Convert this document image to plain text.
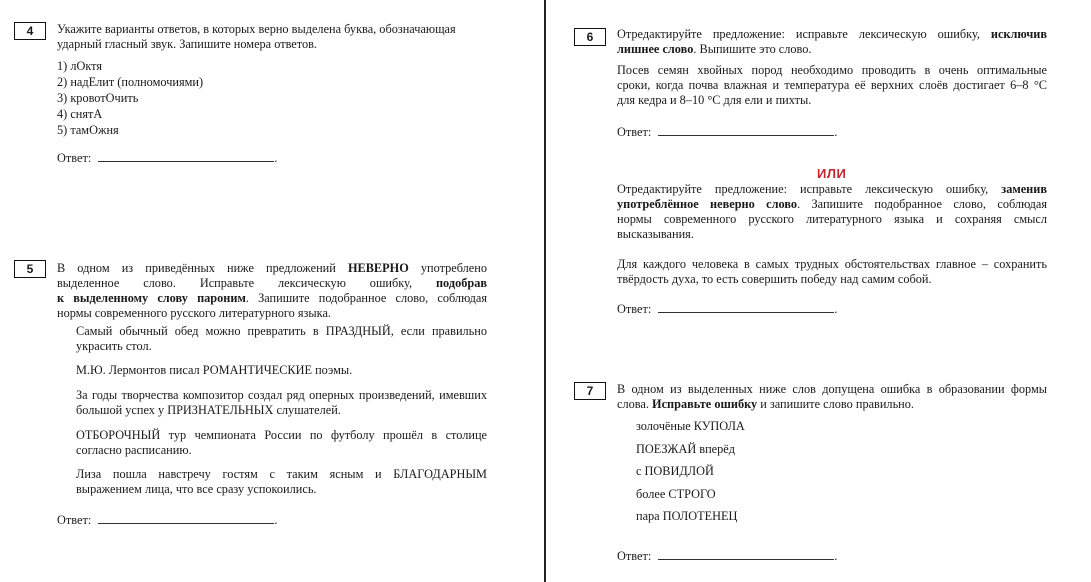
4	Укажите варианты ответов, в которых верно выделена буква, обозначающая
ударный гласный звук. Запишите номера ответов.
1) лОктя
2) надЕлит (полномочиями)
3) кровотОчить
4) снятА
5) тамОжня
Ответ:	.
5	В одном из приведённых ниже предложений НЕВЕРНО употреблено
выделенное слово. Исправьте лексическую ошибку, подобрав
к выделенному слову пароним. Запишите подобранное слово, соблюдая
нормы современного русского литературного языка.
Самый обычный обед можно превратить в ПРАЗДНЫЙ, если правильно
украсить стол.
М.Ю. Лермонтов писал РОМАНТИЧЕСКИЕ поэмы.
За годы творчества композитор создал ряд оперных произведений, имевших
большой успех у ПРИЗНАТЕЛЬНЫХ слушателей.
ОТБОРОЧНЫЙ тур чемпионата России по футболу прошёл в столице
согласно расписанию.
Лиза пошла навстречу гостям с таким ясным и БЛАГОДАРНЫМ
выражением лица, что все сразу успокоились.
Ответ:	.
6	Отредактируйте предложение: исправьте лексическую ошибку, исключив
лишнее слово. Выпишите это слово.
Посев семян хвойных пород необходимо проводить в очень оптимальные
сроки, когда почва влажная и температура её верхних слоёв достигает 6–8 °С
для кедра и 8–10 °С для ели и пихты.
Ответ:	.
ИЛИ
Отредактируйте предложение: исправьте лексическую ошибку, заменив
употреблённое неверно слово. Запишите подобранное слово, соблюдая
нормы современного русского литературного языка и сохраняя смысл
высказывания.
Для каждого человека в самых трудных обстоятельствах главное – сохранить
твёрдость духа, то есть совершить победу над самим собой.
Ответ:	.
7	В одном из выделенных ниже слов допущена ошибка в образовании формы
слова. Исправьте ошибку и запишите слово правильно.
золочёные КУПОЛА
ПОЕЗЖАЙ вперёд
с ПОВИДЛОЙ
более СТРОГО
пара ПОЛОТЕНЕЦ
Ответ:	.
